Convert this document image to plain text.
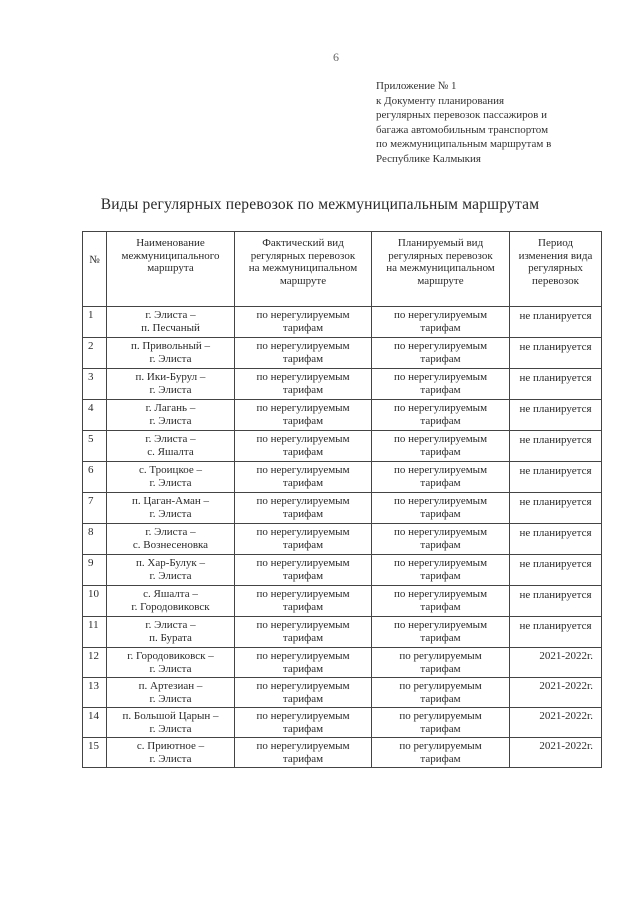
6
Приложение № 1
к Документу планирования
регулярных перевозок пассажиров и
багажа автомобильным транспортом
по межмуниципальным маршрутам в
Республике Калмыкия
Виды регулярных перевозок по межмуниципальным маршрутам
№	Наименование
межмуниципального
маршрута	Фактический вид
регулярных перевозок
на межмуниципальном
маршруте	Планируемый вид
регулярных перевозок
на межмуниципальном
маршруте	Период
изменения вида
регулярных
перевозок

1	г. Элиста –
п. Песчаный	по нерегулируемым
тарифам	по нерегулируемым
тарифам	не планируется
2	п. Привольный –
г. Элиста	по нерегулируемым
тарифам	по нерегулируемым
тарифам	не планируется
3	п. Ики-Бурул –
г. Элиста	по нерегулируемым
тарифам	по нерегулируемым
тарифам	не планируется
4	г. Лагань –
г. Элиста	по нерегулируемым
тарифам	по нерегулируемым
тарифам	не планируется
5	г. Элиста –
с. Яшалта	по нерегулируемым
тарифам	по нерегулируемым
тарифам	не планируется
6	с. Троицкое –
г. Элиста	по нерегулируемым
тарифам	по нерегулируемым
тарифам	не планируется
7	п. Цаган-Аман –
г. Элиста	по нерегулируемым
тарифам	по нерегулируемым
тарифам	не планируется
8	г. Элиста –
с. Вознесеновка	по нерегулируемым
тарифам	по нерегулируемым
тарифам	не планируется
9	п. Хар-Булук –
г. Элиста	по нерегулируемым
тарифам	по нерегулируемым
тарифам	не планируется
10	с. Яшалта –
г. Городовиковск	по нерегулируемым
тарифам	по нерегулируемым
тарифам	не планируется
11	г. Элиста –
п. Бурата	по нерегулируемым
тарифам	по нерегулируемым
тарифам	не планируется
12	г. Городовиковск –
г. Элиста	по нерегулируемым
тарифам	по регулируемым
тарифам	2021-2022г.
13	п. Артезиан –
г. Элиста	по нерегулируемым
тарифам	по регулируемым
тарифам	2021-2022г.
14	п. Большой Царын –
г. Элиста	по нерегулируемым
тарифам	по регулируемым
тарифам	2021-2022г.
15	с. Приютное –
г. Элиста	по нерегулируемым
тарифам	по регулируемым
тарифам	2021-2022г.
